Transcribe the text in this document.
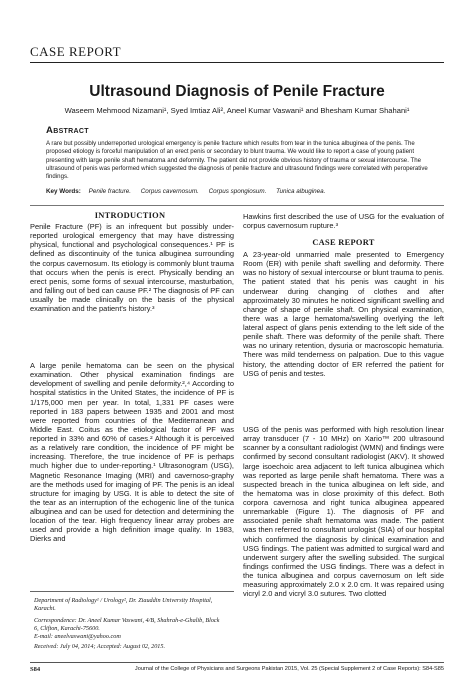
CASE REPORT
Ultrasound Diagnosis of Penile Fracture
Waseem Mehmood Nizamani¹, Syed Imtiaz Ali², Aneel Kumar Vaswani¹ and Bhesham Kumar Shahani¹
Abstract
A rare but possibly underreported urological emergency is penile fracture which results from tear in the tunica albuginea of the penis. The proposed etiology is forceful manipulation of an erect penis or secondary to blunt trauma. We would like to report a case of young patient presenting with large penile shaft hematoma and deformity. The patient did not provide obvious history of trauma or sexual intercourse. The ultrasound of penis was performed which suggested the diagnosis of penile fracture and ultrasound findings were correlated with peroperative findings.
Key Words: Penile fracture. Corpus cavernosum. Corpus spongiosum. Tunica albuginea.
INTRODUCTION

Penile Fracture (PF) is an infrequent but possibly under-reported urological emergency that may have distressing physical, functional and psychological consequences.¹ PF is defined as discontinuity of the tunica albuginea surrounding the corpus cavernosum. Its etiology is commonly blunt trauma that occurs when the penis is erect. Physically bending an erect penis, some forms of sexual intercourse, masturbation, and falling out of bed can cause PF.² The diagnosis of PF can usually be made clinically on the basis of the physical examination and the patient's history.³

A large penile hematoma can be seen on the physical examination. Other physical examination findings are development of swelling and penile deformity.²,⁴ According to hospital statistics in the United States, the incidence of PF is 1/175,000 men per year. In total, 1,331 PF cases were reported in 183 papers between 1935 and 2001 and most were reported from countries of the Mediterranean and Middle East. Coitus as the etiological factor of PF was reported in 33% and 60% of cases.² Although it is perceived as a relatively rare condition, the incidence of PF might be increasing. Therefore, the true incidence of PF is perhaps much higher due to under-reporting.¹ Ultrasonogram (USG), Magnetic Resonance Imaging (MRI) and cavernoso-graphy are the methods used for imaging of PF. The penis is an ideal structure for imaging by USG. It is able to detect the site of the tear as an interruption of the echogenic line of the tunica albuginea and can be used for detection and determining the location of the tear. High frequency linear array probes are used and provide a high definition image quality. In 1983, Dierks and

Hawkins first described the use of USG for the evaluation of corpus cavernosum rupture.³

CASE REPORT

A 23-year-old unmarried male presented to Emergency Room (ER) with penile shaft swelling and deformity. There was no history of sexual intercourse or blunt trauma to penis. The patient stated that his penis was caught in his underwear during changing of clothes and after approximately 30 minutes he noticed significant swelling and change of shape of penile shaft. On physical examination, there was a large hematoma/swelling overlying the left lateral aspect of glans penis extending to the left side of the penile shaft. There was deformity of the penile shaft. There was no urinary retention, dysuria or macroscopic hematuria. There was mild tenderness on palpation. Due to this vague history, the attending doctor of ER referred the patient for USG of penis and testes.

USG of the penis was performed with high resolution linear array transducer (7 - 10 MHz) on Xario™ 200 ultrasound scanner by a consultant radiologist (WMN) and findings were confirmed by second consultant radiologist (AKV). It showed large isoechoic area adjacent to left tunica albuginea which was reported as large penile shaft hematoma. There was a suspected breach in the tunica albuginea on left side, and the hematoma was in close proximity of this defect. Both corpora cavernosa and right tunica albuginea appeared unremarkable (Figure 1). The diagnosis of PF and associated penile shaft hematoma was made. The patient was then referred to consultant urologist (SIA) of our hospital which confirmed the diagnosis by clinical examination and USG findings. The patient was admitted to surgical ward and underwent surgery after the swelling subsided. The surgical findings confirmed the USG findings. There was a defect in the tunica albuginea and corpus cavernosum on left side measuring approximately 2.0 x 2.0 cm. It was repaired using vicryl 2.0 and vicryl 3.0 sutures. Two clotted

Department of Radiology¹ / Urology², Dr. Ziauddin University Hospital, Karachi.
Correspondence: Dr. Aneel Kumar Vaswani, 4/B, Shahrah-e-Ghalib, Block 6, Clifton, Karachi-75600.
E-mail: aneelvaswani@yahoo.com
Received: July 04, 2014; Accepted: August 02, 2015.
S84	Journal of the College of Physicians and Surgeons Pakistan 2015, Vol. 25 (Special Supplement 2 of Case Reports): S84-S85
